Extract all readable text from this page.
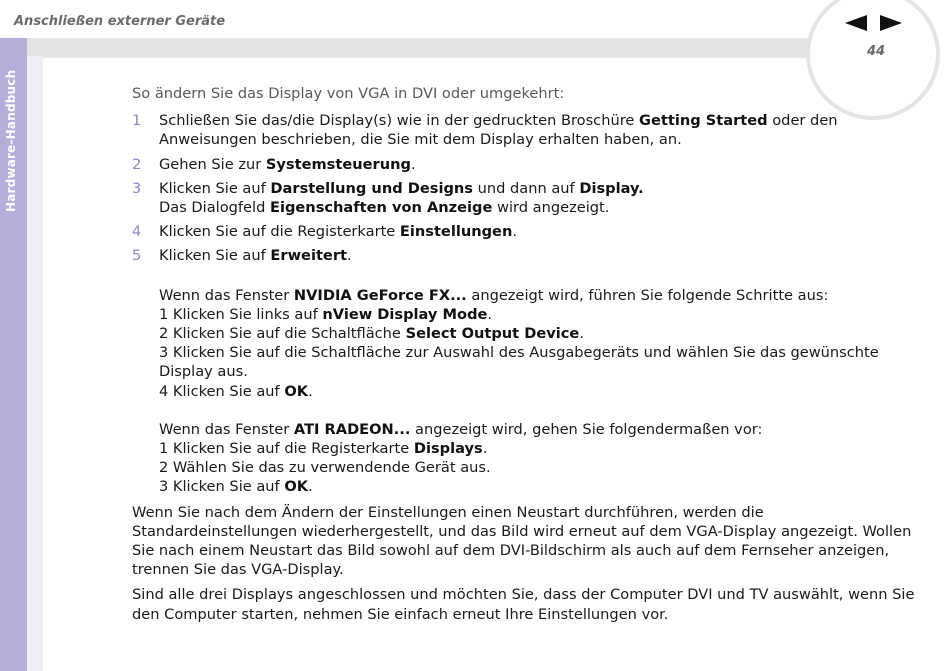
Hardware-Handbuch
Anschließen externer Geräte
44

So ändern Sie das Display von VGA in DVI oder umgekehrt:

1 Schließen Sie das/die Display(s) wie in der gedruckten Broschüre Getting Started oder den Anweisungen beschrieben, die Sie mit dem Display erhalten haben, an.
2 Gehen Sie zur Systemsteuerung.
3 Klicken Sie auf Darstellung und Designs und dann auf Display.
Das Dialogfeld Eigenschaften von Anzeige wird angezeigt.
4 Klicken Sie auf die Registerkarte Einstellungen.
5 Klicken Sie auf Erweitert.

Wenn das Fenster NVIDIA GeForce FX... angezeigt wird, führen Sie folgende Schritte aus:

1 Klicken Sie links auf nView Display Mode.

2 Klicken Sie auf die Schaltfläche Select Output Device.

3 Klicken Sie auf die Schaltfläche zur Auswahl des Ausgabegeräts und wählen Sie das gewünschte Display aus.

4 Klicken Sie auf OK.

Wenn das Fenster ATI RADEON... angezeigt wird, gehen Sie folgendermaßen vor:

1 Klicken Sie auf die Registerkarte Displays.

2 Wählen Sie das zu verwendende Gerät aus.

3 Klicken Sie auf OK.

Wenn Sie nach dem Ändern der Einstellungen einen Neustart durchführen, werden die Standardeinstellungen wiederhergestellt, und das Bild wird erneut auf dem VGA-Display angezeigt. Wollen Sie nach einem Neustart das Bild sowohl auf dem DVI-Bildschirm als auch auf dem Fernseher anzeigen, trennen Sie das VGA-Display.

Sind alle drei Displays angeschlossen und möchten Sie, dass der Computer DVI und TV auswählt, wenn Sie den Computer starten, nehmen Sie einfach erneut Ihre Einstellungen vor.
